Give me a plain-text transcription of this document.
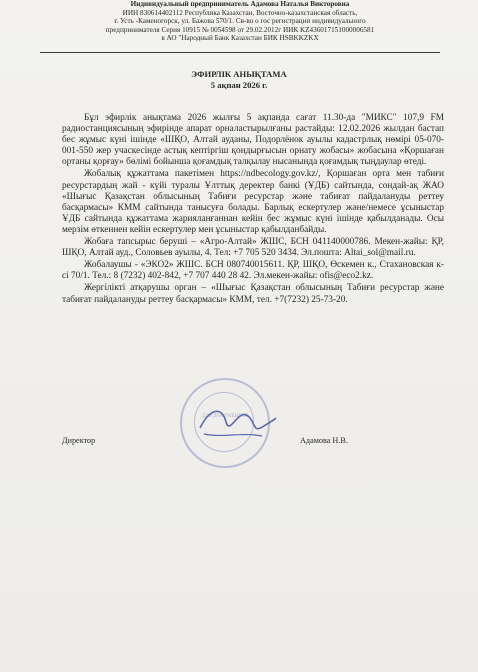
Индивидуальный предприниматель Адамова Наталья Викторовна
ИИН 830614402112 Республика Казахстан, Восточно-казахстанская область,
г. Усть -Каменогорск, ул. Бажова 570/1. Св-во о гос регистрации индивидуального
предпринимателя Серия 10915 № 0054598 от 29.02.2012г ИИК KZ436017151000006581
в АО "Народный Банк Казахстан БИК HSBKKZKX
ЭФИРЛІК АНЫҚТАМА
5 ақпан 2026 г.

Бұл эфирлік анықтама 2026 жылғы 5 ақпанда сағат 11.30-да "МИКС" 107,9 FM радиостанциясының эфирінде апарат орналастырылғаны растайды: 12.02.2026 жылдан бастап бес жұмыс күні ішінде «ШҚО, Алтай ауданы, Подорлёнок ауылы кадастрлық нөмірі 05-070-001-550 жер учаскесінде астық кептіргіш қондырғысын орнату жобасы» жобасына «Қоршаған ортаны қорғау» бөлімі бойынша қоғамдық талқылау нысанында қоғамдық тыңдаулар өтеді.

Жобалық құжаттама пакетімен https://ndbecology.gov.kz/, Қоршаған орта мен табиғи ресурстардың жай - күйі туралы Ұлттық деректер банкі (ҰДБ) сайтында, сондай-ақ ЖАО «Шығыс Қазақстан облысының Табиғи ресурстар және табиғат пайдалануды реттеу басқармасы» КММ сайтында танысуға болады. Барлық ескертулер және/немесе ұсыныстар ҰДБ сайтында құжаттама жарияланғаннан кейін бес жұмыс күні ішінде қабылданады. Осы мерзім өткеннен кейін ескертулер мен ұсыныстар қабылданбайды.

Жобаға тапсырыс беруші – «Агро-Алтай» ЖШС, БСН 041140000786. Мекен-жайы: ҚР, ШҚО, Алтай ауд., Соловьев ауылы, 4. Тел: +7 705 520 3434. Эл.пошта: Altai_sol@mail.ru.

Жобалаушы - «ЭКО2» ЖШС. БСН 080740015611. ҚР, ШҚО, Өскемен к., Стахановская к-сі 70/1. Тел.: 8 (7232) 402-842, +7 707 440 28 42. Эл.мекен-жайы: ofis@eco2.kz.

Жергілікті атқарушы орган – «Шығыс Қазақстан облысының Табиғи ресурстар және табиғат пайдалануды реттеу басқармасы» КММ, тел. +7(7232) 25-73-20.

ДЛЯ ДОКУМЕНТОВ
Директор	Адамова Н.В.
